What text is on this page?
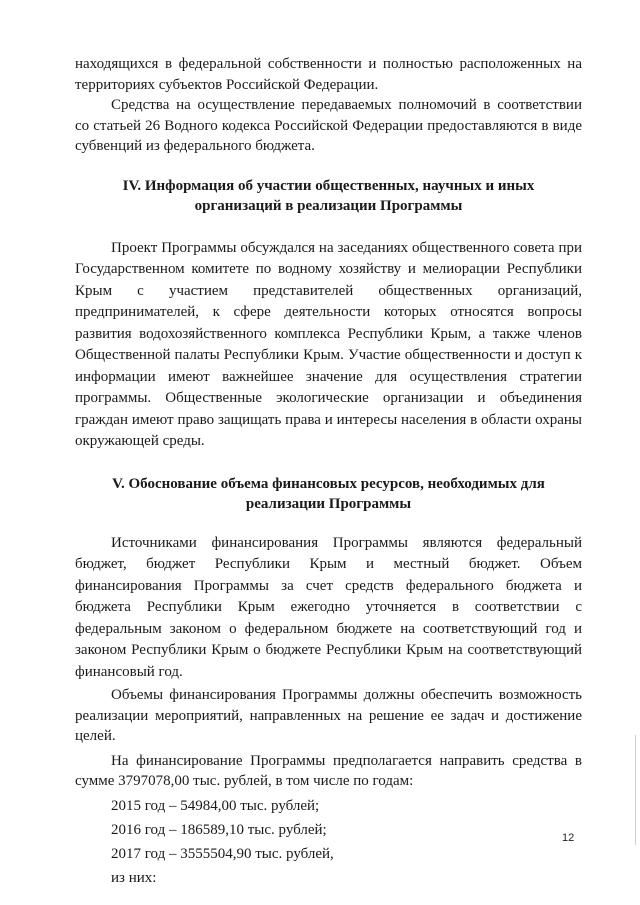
находящихся в федеральной собственности и полностью расположенных на территориях субъектов Российской Федерации.

Средства на осуществление передаваемых полномочий в соответствии со статьей 26 Водного кодекса Российской Федерации предоставляются в виде субвенций из федерального бюджета.

IV. Информация об участии общественных, научных и иных

организаций в реализации Программы

Проект Программы обсуждался на заседаниях общественного совета при Государственном комитете по водному хозяйству и мелиорации Республики Крым с участием представителей общественных организаций, предпринимателей, к сфере деятельности которых относятся вопросы развития водохозяйственного комплекса Республики Крым, а также членов Общественной палаты Республики Крым. Участие общественности и доступ к информации имеют важнейшее значение для осуществления стратегии программы. Общественные экологические организации и объединения граждан имеют право защищать права и интересы населения в области охраны окружающей среды.

V. Обоснование объема финансовых ресурсов, необходимых для

реализации Программы

Источниками финансирования Программы являются федеральный бюджет, бюджет Республики Крым и местный бюджет. Объем финансирования Программы за счет средств федерального бюджета и бюджета Республики Крым ежегодно уточняется в соответствии с федеральным законом о федеральном бюджете на соответствующий год и законом Республики Крым о бюджете Республики Крым на соответствующий финансовый год.

Объемы финансирования Программы должны обеспечить возможность реализации мероприятий, направленных на решение ее задач и достижение целей.

На финансирование Программы предполагается направить средства в сумме 3797078,00 тыс. рублей, в том числе по годам:

2015 год – 54984,00 тыс. рублей;

2016 год – 186589,10 тыс. рублей;

2017 год – 3555504,90 тыс. рублей,

из них:

12
